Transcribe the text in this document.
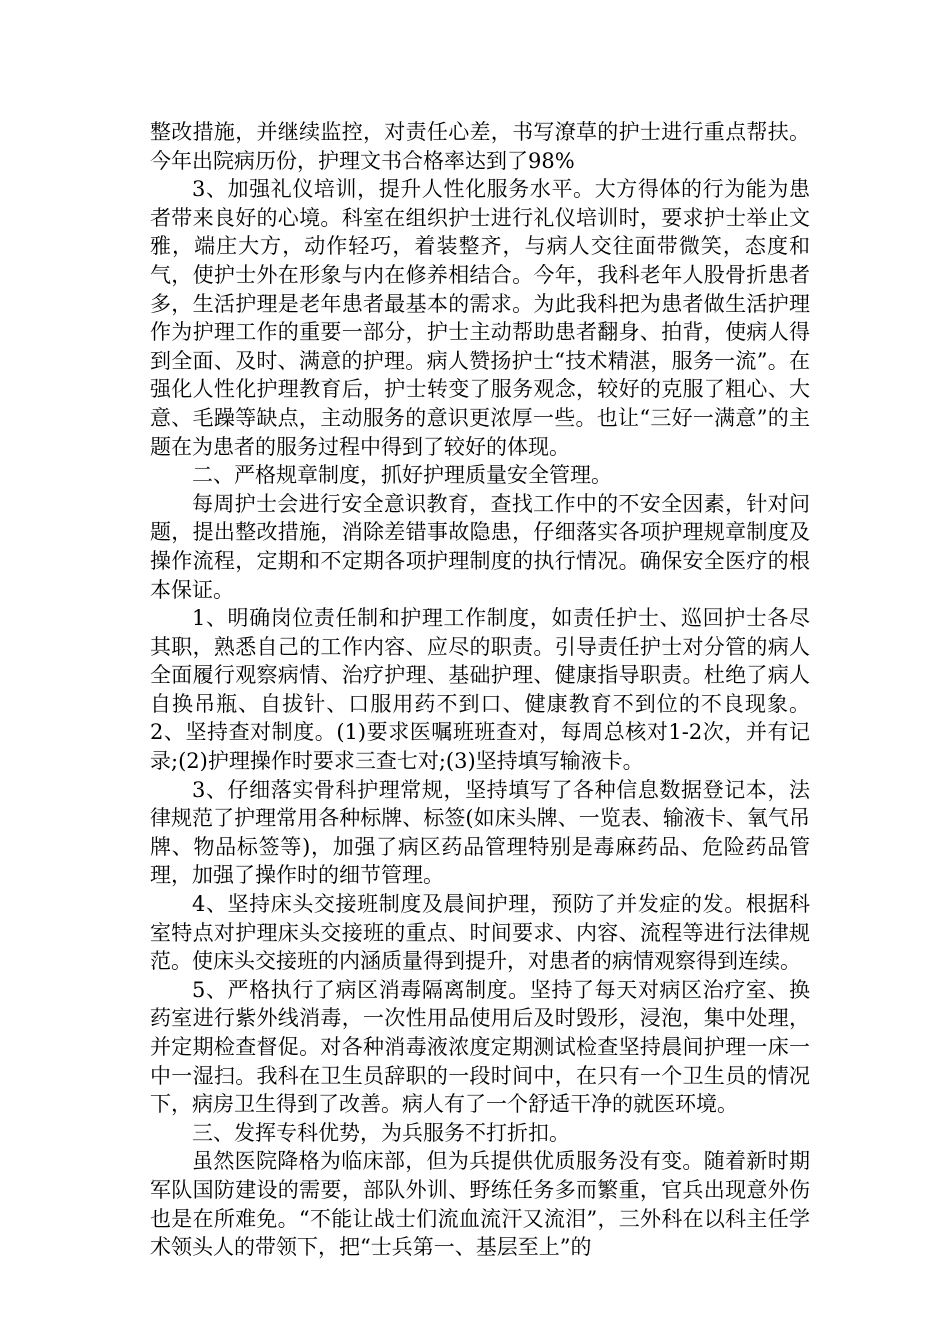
整改措施，并继续监控，对责任心差，书写潦草的护士进行重点帮扶。今年出院病历份，护理文书合格率达到了98%

3、加强礼仪培训，提升人性化服务水平。大方得体的行为能为患者带来良好的心境。科室在组织护士进行礼仪培训时，要求护士举止文雅，端庄大方，动作轻巧，着装整齐，与病人交往面带微笑，态度和气，使护士外在形象与内在修养相结合。今年，我科老年人股骨折患者多，生活护理是老年患者最基本的需求。为此我科把为患者做生活护理作为护理工作的重要一部分，护士主动帮助患者翻身、拍背，使病人得到全面、及时、满意的护理。病人赞扬护士“技术精湛，服务一流”。在强化人性化护理教育后，护士转变了服务观念，较好的克服了粗心、大意、毛躁等缺点，主动服务的意识更浓厚一些。也让“三好一满意”的主题在为患者的服务过程中得到了较好的体现。

二、严格规章制度，抓好护理质量安全管理。

每周护士会进行安全意识教育，查找工作中的不安全因素，针对问题，提出整改措施，消除差错事故隐患，仔细落实各项护理规章制度及操作流程，定期和不定期各项护理制度的执行情况。确保安全医疗的根本保证。

1、明确岗位责任制和护理工作制度，如责任护士、巡回护士各尽其职，熟悉自己的工作内容、应尽的职责。引导责任护士对分管的病人全面履行观察病情、治疗护理、基础护理、健康指导职责。杜绝了病人自换吊瓶、自拔针、口服用药不到口、健康教育不到位的不良现象。2、坚持查对制度。(1)要求医嘱班班查对，每周总核对1-2次，并有记录;(2)护理操作时要求三查七对;(3)坚持填写输液卡。

3、仔细落实骨科护理常规，坚持填写了各种信息数据登记本，法律规范了护理常用各种标牌、标签(如床头牌、一览表、输液卡、氧气吊牌、物品标签等)，加强了病区药品管理特别是毒麻药品、危险药品管理，加强了操作时的细节管理。

4、坚持床头交接班制度及晨间护理，预防了并发症的发。根据科室特点对护理床头交接班的重点、时间要求、内容、流程等进行法律规范。使床头交接班的内涵质量得到提升，对患者的病情观察得到连续。

5、严格执行了病区消毒隔离制度。坚持了每天对病区治疗室、换药室进行紫外线消毒，一次性用品使用后及时毁形，浸泡，集中处理，并定期检查督促。对各种消毒液浓度定期测试检查坚持晨间护理一床一中一湿扫。我科在卫生员辞职的一段时间中，在只有一个卫生员的情况下，病房卫生得到了改善。病人有了一个舒适干净的就医环境。

三、发挥专科优势，为兵服务不打折扣。

虽然医院降格为临床部，但为兵提供优质服务没有变。随着新时期军队国防建设的需要，部队外训、野练任务多而繁重，官兵出现意外伤也是在所难免。“不能让战士们流血流汗又流泪”，三外科在以科主任学术领头人的带领下，把“士兵第一、基层至上”的
